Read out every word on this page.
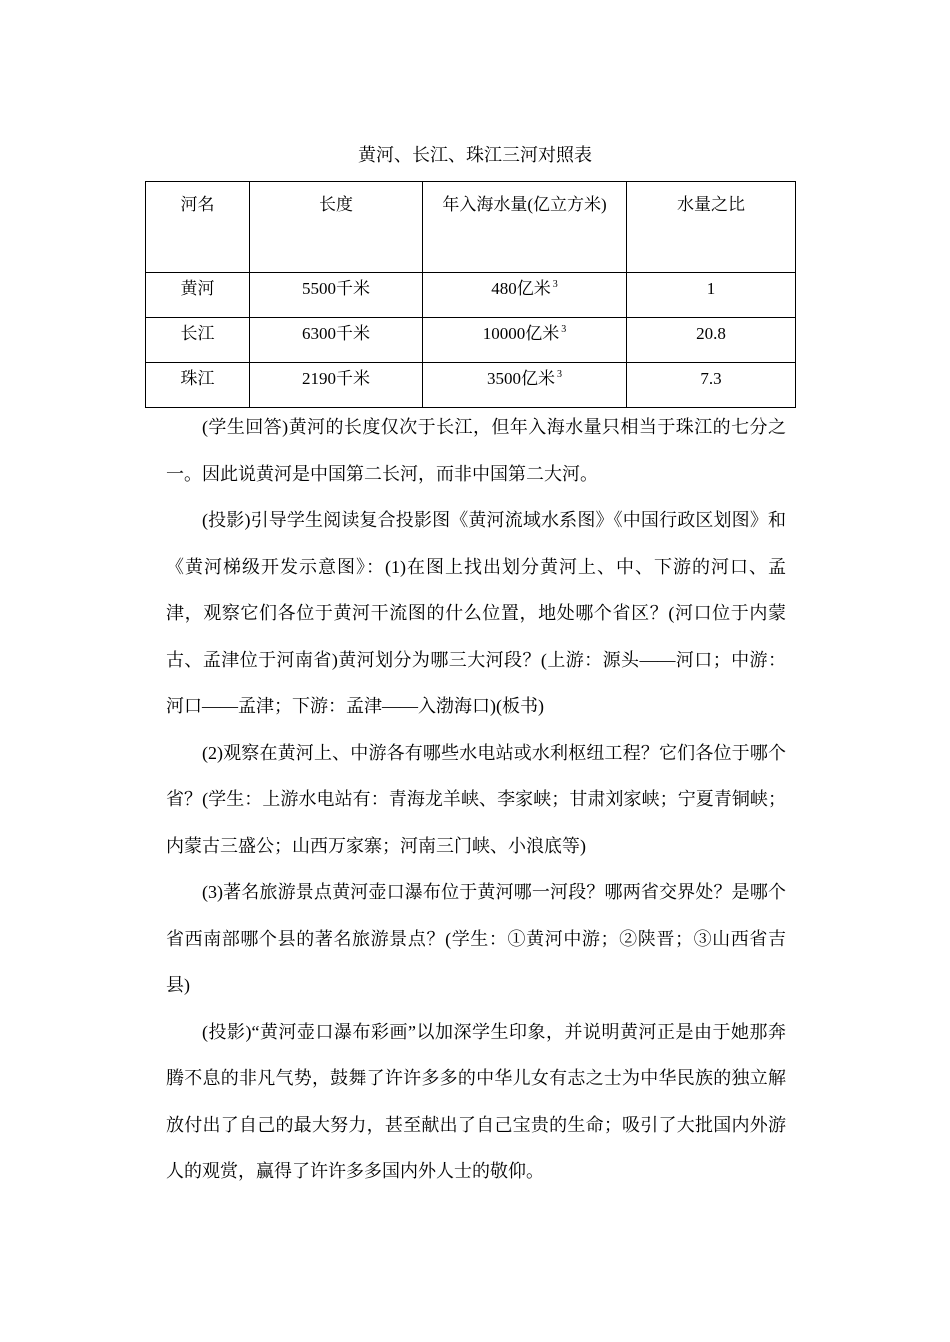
黄河、长江、珠江三河对照表
河名	长度	年入海水量(亿立方米)	水量之比
黄河	5500千米	480亿米 $^3$	1
长江	6300千米	10000亿米 $^3$	20.8
珠江	2190千米	3500亿米 $^3$	7.3

(学生回答)黄河的长度仅次于长江，但年入海水量只相当于珠江的七分之一。因此说黄河是中国第二长河，而非中国第二大河。

(投影)引导学生阅读复合投影图《黄河流域水系图》《中国行政区划图》和《黄河梯级开发示意图》：(1)在图上找出划分黄河上、中、下游的河口、孟津，观察它们各位于黄河干流图的什么位置，地处哪个省区？(河口位于内蒙古、孟津位于河南省)黄河划分为哪三大河段？(上游：源头——河口；中游：河口——孟津；下游：孟津——入渤海口)(板书)

(2)观察在黄河上、中游各有哪些水电站或水利枢纽工程？它们各位于哪个省？(学生：上游水电站有：青海龙羊峡、李家峡；甘肃刘家峡；宁夏青铜峡；内蒙古三盛公；山西万家寨；河南三门峡、小浪底等)

(3)著名旅游景点黄河壶口瀑布位于黄河哪一河段？哪两省交界处？是哪个省西南部哪个县的著名旅游景点？(学生：①黄河中游；②陕晋；③山西省吉县)

(投影)“黄河壶口瀑布彩画”以加深学生印象，并说明黄河正是由于她那奔腾不息的非凡气势，鼓舞了许许多多的中华儿女有志之士为中华民族的独立解放付出了自己的最大努力，甚至献出了自己宝贵的生命；吸引了大批国内外游人的观赏，赢得了许许多多国内外人士的敬仰。
